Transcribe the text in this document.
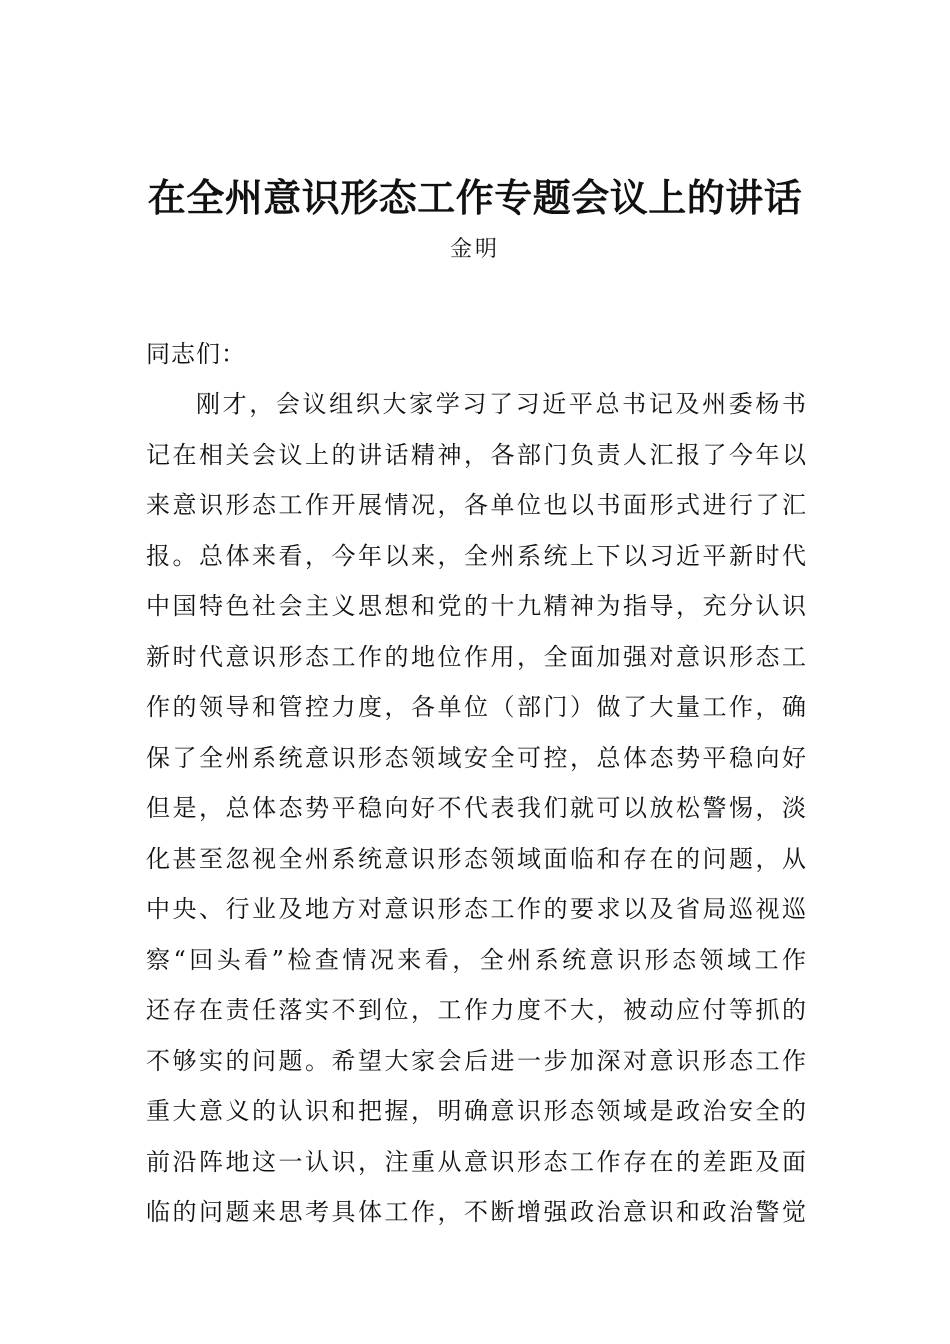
在全州意识形态工作专题会议上的讲话
金明
同志们：
刚才，会议组织大家学习了习近平总书记及州委杨书
记在相关会议上的讲话精神，各部门负责人汇报了今年以
来意识形态工作开展情况，各单位也以书面形式进行了汇
报。总体来看，今年以来，全州系统上下以习近平新时代
中国特色社会主义思想和党的十九精神为指导，充分认识
新时代意识形态工作的地位作用，全面加强对意识形态工
作的领导和管控力度，各单位（部门）做了大量工作，确
保了全州系统意识形态领域安全可控，总体态势平稳向好
但是，总体态势平稳向好不代表我们就可以放松警惕，淡
化甚至忽视全州系统意识形态领域面临和存在的问题，从
中央、行业及地方对意识形态工作的要求以及省局巡视巡
察“回头看”检查情况来看，全州系统意识形态领域工作
还存在责任落实不到位，工作力度不大，被动应付等抓的
不够实的问题。希望大家会后进一步加深对意识形态工作
重大意义的认识和把握，明确意识形态领域是政治安全的
前沿阵地这一认识，注重从意识形态工作存在的差距及面
临的问题来思考具体工作，不断增强政治意识和政治警觉
